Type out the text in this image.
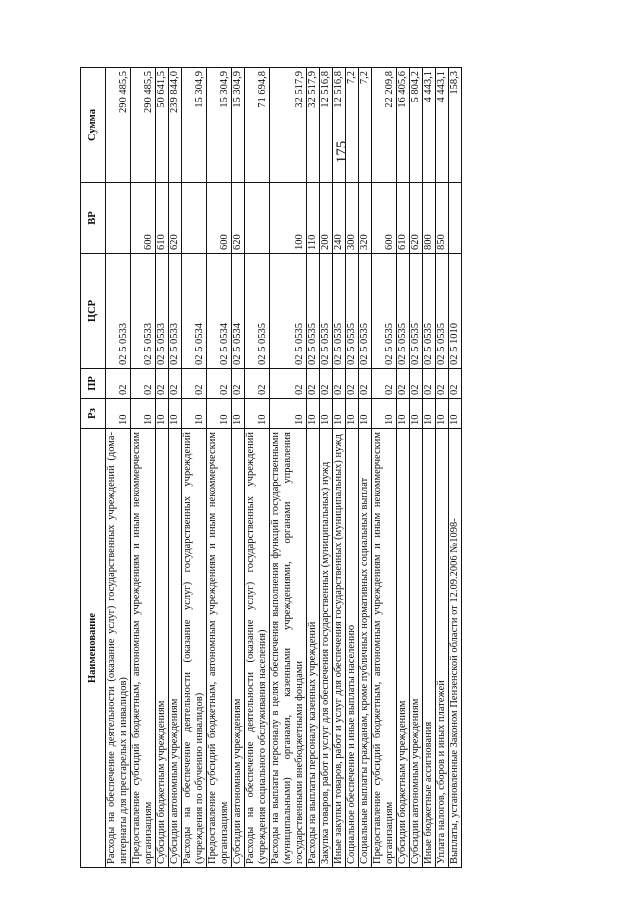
175
Наименование	Рз	ПР	ЦСР	ВР	Сумма
Расходы на обеспечение деятельности (оказание услуг) государственных учреждений (дома-интернаты для престарелых и инвалидов)	10	02	02 5 0533		290 485,5
Предоставление субсидий бюджетным, автономным учреждениям и иным некоммерческим организациям	10	02	02 5 0533	600	290 485,5
Субсидии бюджетным учреждениям	10	02	02 5 0533	610	50 641,5
Субсидии автономным учреждениям	10	02	02 5 0533	620	239 844,0
Расходы на обеспечение деятельности (оказание услуг) государственных учреждений (учреждения по обучению инвалидов)	10	02	02 5 0534		15 304,9
Предоставление субсидий бюджетным, автономным учреждениям и иным некоммерческим организациям	10	02	02 5 0534	600	15 304,9
Субсидии автономным учреждениям	10	02	02 5 0534	620	15 304,9
Расходы на обеспечение деятельности (оказание услуг) государственных учреждений (учреждения социального обслуживания населения)	10	02	02 5 0535		71 694,8
Расходы на выплаты персоналу в целях обеспечения выполнения функций государственными (муниципальными) органами, казенными учреждениями, органами управления государственными внебюджетными фондами	10	02	02 5 0535	100	32 517,9
Расходы на выплаты персоналу казенных учреждений	10	02	02 5 0535	110	32 517,9
Закупка товаров, работ и услуг для обеспечения государственных (муниципальных) нужд	10	02	02 5 0535	200	12 516,8
Иные закупки товаров, работ и услуг для обеспечения государственных (муниципальных) нужд	10	02	02 5 0535	240	12 516,8
Социальное обеспечение и иные выплаты населению	10	02	02 5 0535	300	7,2
Социальные выплаты гражданам, кроме публичных нормативных социальных выплат	10	02	02 5 0535	320	7,2
Предоставление субсидий бюджетным, автономным учреждениям и иным некоммерческим организациям	10	02	02 5 0535	600	22 209,8
Субсидии бюджетным учреждениям	10	02	02 5 0535	610	16 405,6
Субсидии автономным учреждениям	10	02	02 5 0535	620	5 804,2
Иные бюджетные ассигнования	10	02	02 5 0535	800	4 443,1
Уплата налогов, сборов и иных платежей	10	02	02 5 0535	850	4 443,1
Выплаты, установленные Законом Пензенской области от 12.09.2006 №1098-	10	02	02 5 1010		158,3
